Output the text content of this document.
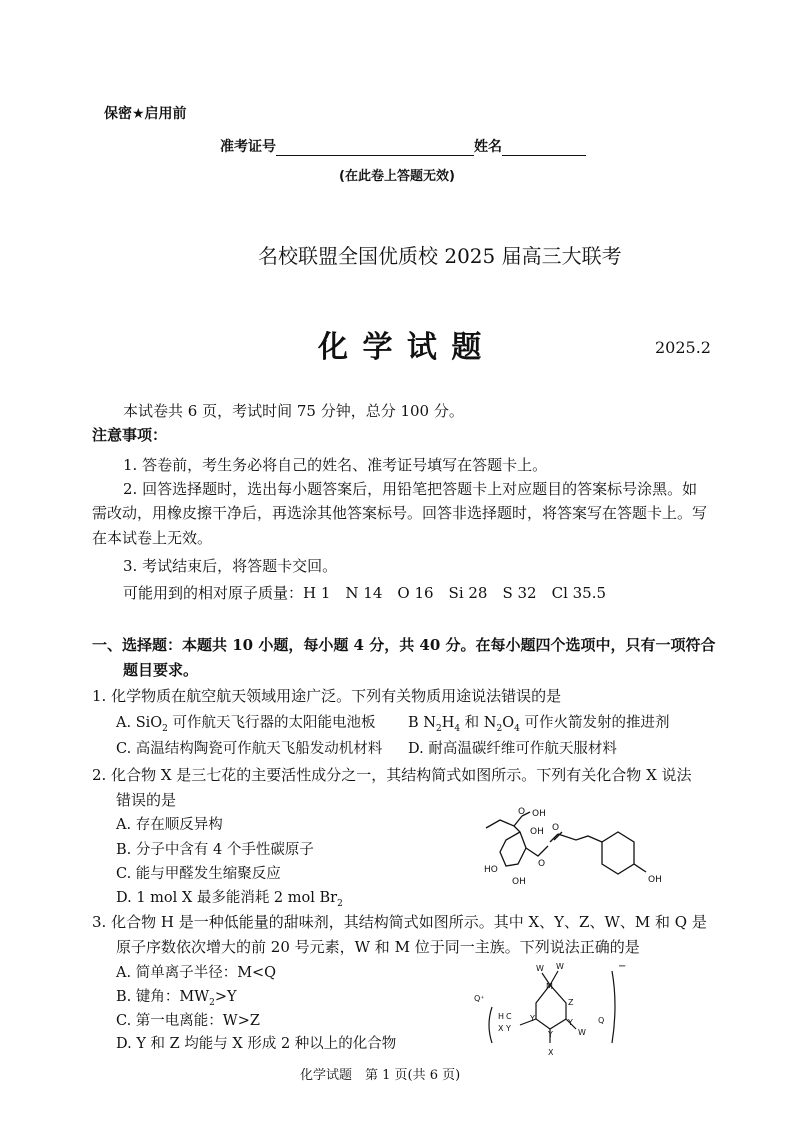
保密★启用前
准考证号	姓名
(在此卷上答题无效)
名校联盟全国优质校 2025 届高三大联考
化 学 试 题	2025.2
本试卷共 6 页，考试时间 75 分钟，总分 100 分。
注意事项：
1. 答卷前，考生务必将自己的姓名、准考证号填写在答题卡上。
2. 回答选择题时，选出每小题答案后，用铅笔把答题卡上对应题目的答案标号涂黑。如
需改动，用橡皮擦干净后，再选涂其他答案标号。回答非选择题时，将答案写在答题卡上。写
在本试卷上无效。
3. 考试结束后，将答题卡交回。
可能用到的相对原子质量：H 1　N 14　O 16　Si 28　S 32　Cl 35.5
一、选择题：本题共 10 小题，每小题 4 分，共 40 分。在每小题四个选项中，只有一项符合
题目要求。
1. 化学物质在航空航天领域用途广泛。下列有关物质用途说法错误的是
A. SiO$_2$ 可作航天飞行器的太阳能电池板 B $N_2H_4$ 和 $N_2O_4$ 可作火箭发射的推进剂
C. 高温结构陶瓷可作航天飞船发动机材料 D. 耐高温碳纤维可作航天服材料
2. 化合物 X 是三七花的主要活性成分之一，其结构简式如图所示。下列有关化合物 X 说法
错误的是
A. 存在顺反异构
B. 分子中含有 4 个手性碳原子
C. 能与甲醛发生缩聚反应
D. 1 mol X 最多能消耗 2 mol $Br_2$
OH
O
HO
OH
O
OH
OH
O
3. 化合物 H 是一种低能量的甜味剂，其结构简式如图所示。其中 X、Y、Z、W、M 和 Q 是
原子序数依次增大的前 20 号元素，W 和 M 位于同一主族。下列说法正确的是
A. 简单离子半径：M<Q
B. 键角：$MW_2>Y$
C. 第一电离能：W>Z
D. Y 和 Z 均能与 X 形成 2 种以上的化合物
W W
M
Z
Q
Y
Y
Y
W
X
H C
X Y
−
Q⁺
化学试题　第 1 页(共 6 页)
